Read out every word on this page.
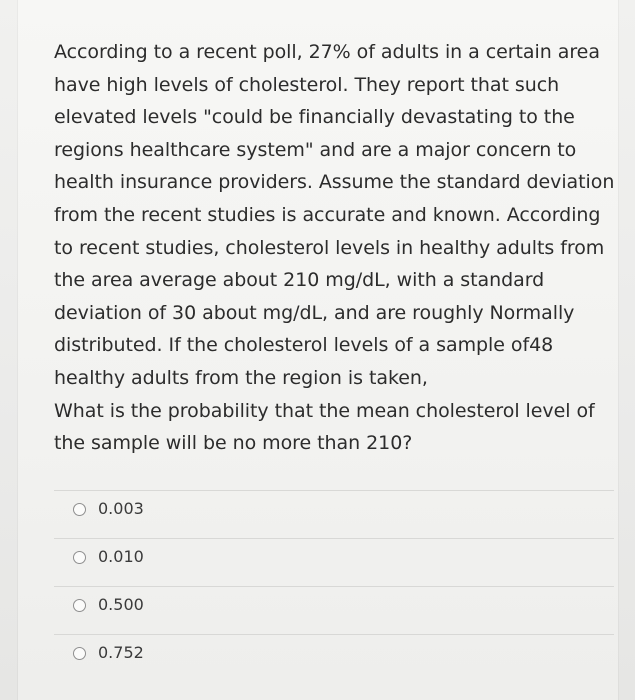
According to a recent poll, 27% of adults in a certain area
have high levels of cholesterol. They report that such
elevated levels "could be financially devastating to the
regions healthcare system" and are a major concern to
health insurance providers. Assume the standard deviation
from the recent studies is accurate and known. According
to recent studies, cholesterol levels in healthy adults from
the area average about 210 mg/dL, with a standard
deviation of 30 about mg/dL, and are roughly Normally
distributed. If the cholesterol levels of a sample of48
healthy adults from the region is taken,
What is the probability that the mean cholesterol level of
the sample will be no more than 210?

0.003
0.010
0.500
0.752
